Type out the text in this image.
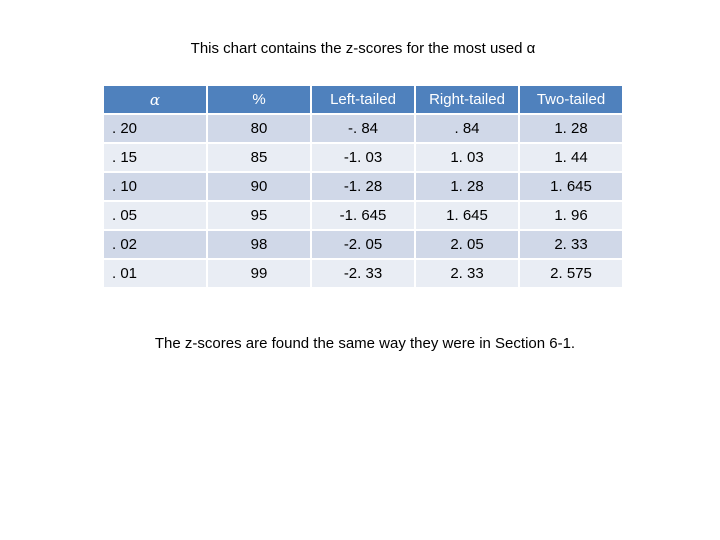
This chart contains the z-scores for the most used α
α	%	Left-tailed	Right-tailed	Two-tailed
. 20	80	-. 84	. 84	1. 28
. 15	85	-1. 03	1. 03	1. 44
. 10	90	-1. 28	1. 28	1. 645
. 05	95	-1. 645	1. 645	1. 96
. 02	98	-2. 05	2. 05	2. 33
. 01	99	-2. 33	2. 33	2. 575
The z-scores are found the same way they were in Section 6-1.
